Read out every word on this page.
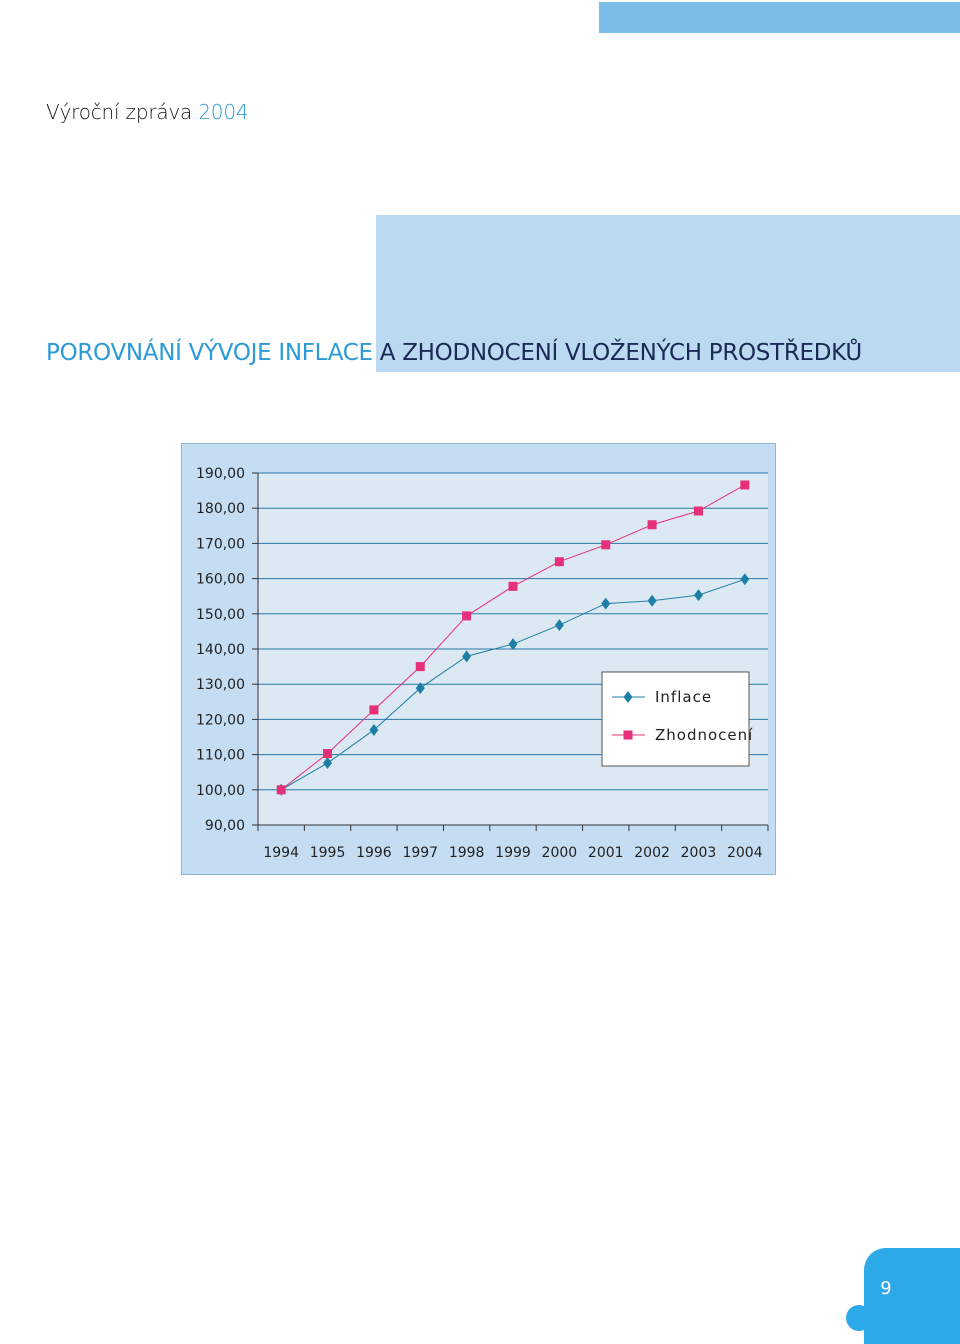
Výroční zpráva 2004
POROVNÁNÍ VÝVOJE INFLACE A ZHODNOCENÍ VLOŽENÝCH PROSTŘEDKŮ
90,00
100,00
110,00
120,00
130,00
140,00
150,00
160,00
170,00
180,00
190,00
1994 1995 1996 1997 1998 1999 2000 2001 2002 2003 2004
Inflace
Zhodnocení
9
